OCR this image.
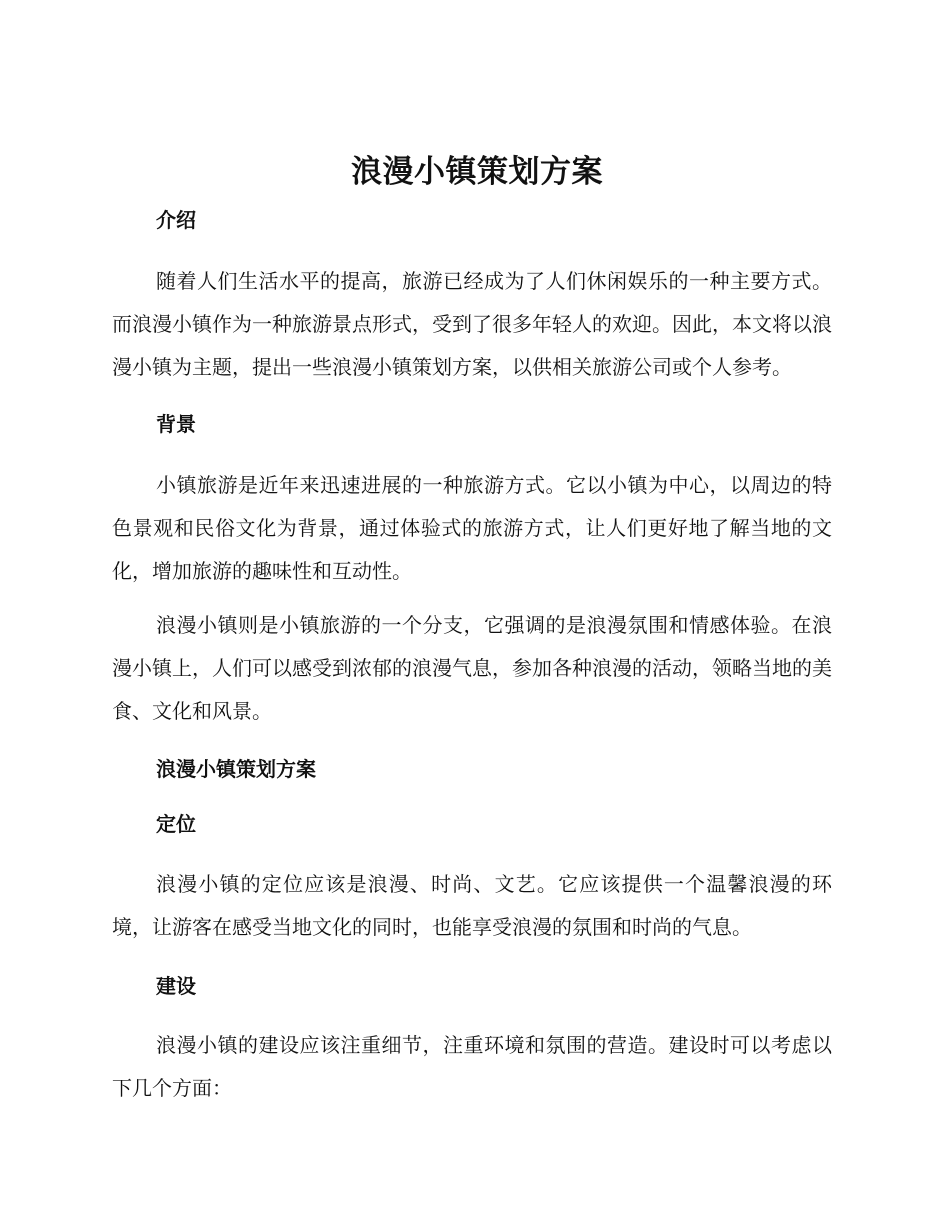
浪漫小镇策划方案
介绍

随着人们生活水平的提高，旅游已经成为了人们休闲娱乐的一种主要方式。而浪漫小镇作为一种旅游景点形式，受到了很多年轻人的欢迎。因此，本文将以浪漫小镇为主题，提出一些浪漫小镇策划方案，以供相关旅游公司或个人参考。

背景

小镇旅游是近年来迅速进展的一种旅游方式。它以小镇为中心，以周边的特色景观和民俗文化为背景，通过体验式的旅游方式，让人们更好地了解当地的文化，增加旅游的趣味性和互动性。

浪漫小镇则是小镇旅游的一个分支，它强调的是浪漫氛围和情感体验。在浪漫小镇上，人们可以感受到浓郁的浪漫气息，参加各种浪漫的活动，领略当地的美食、文化和风景。

浪漫小镇策划方案
定位

浪漫小镇的定位应该是浪漫、时尚、文艺。它应该提供一个温馨浪漫的环境，让游客在感受当地文化的同时，也能享受浪漫的氛围和时尚的气息。

建设

浪漫小镇的建设应该注重细节，注重环境和氛围的营造。建设时可以考虑以下几个方面：
